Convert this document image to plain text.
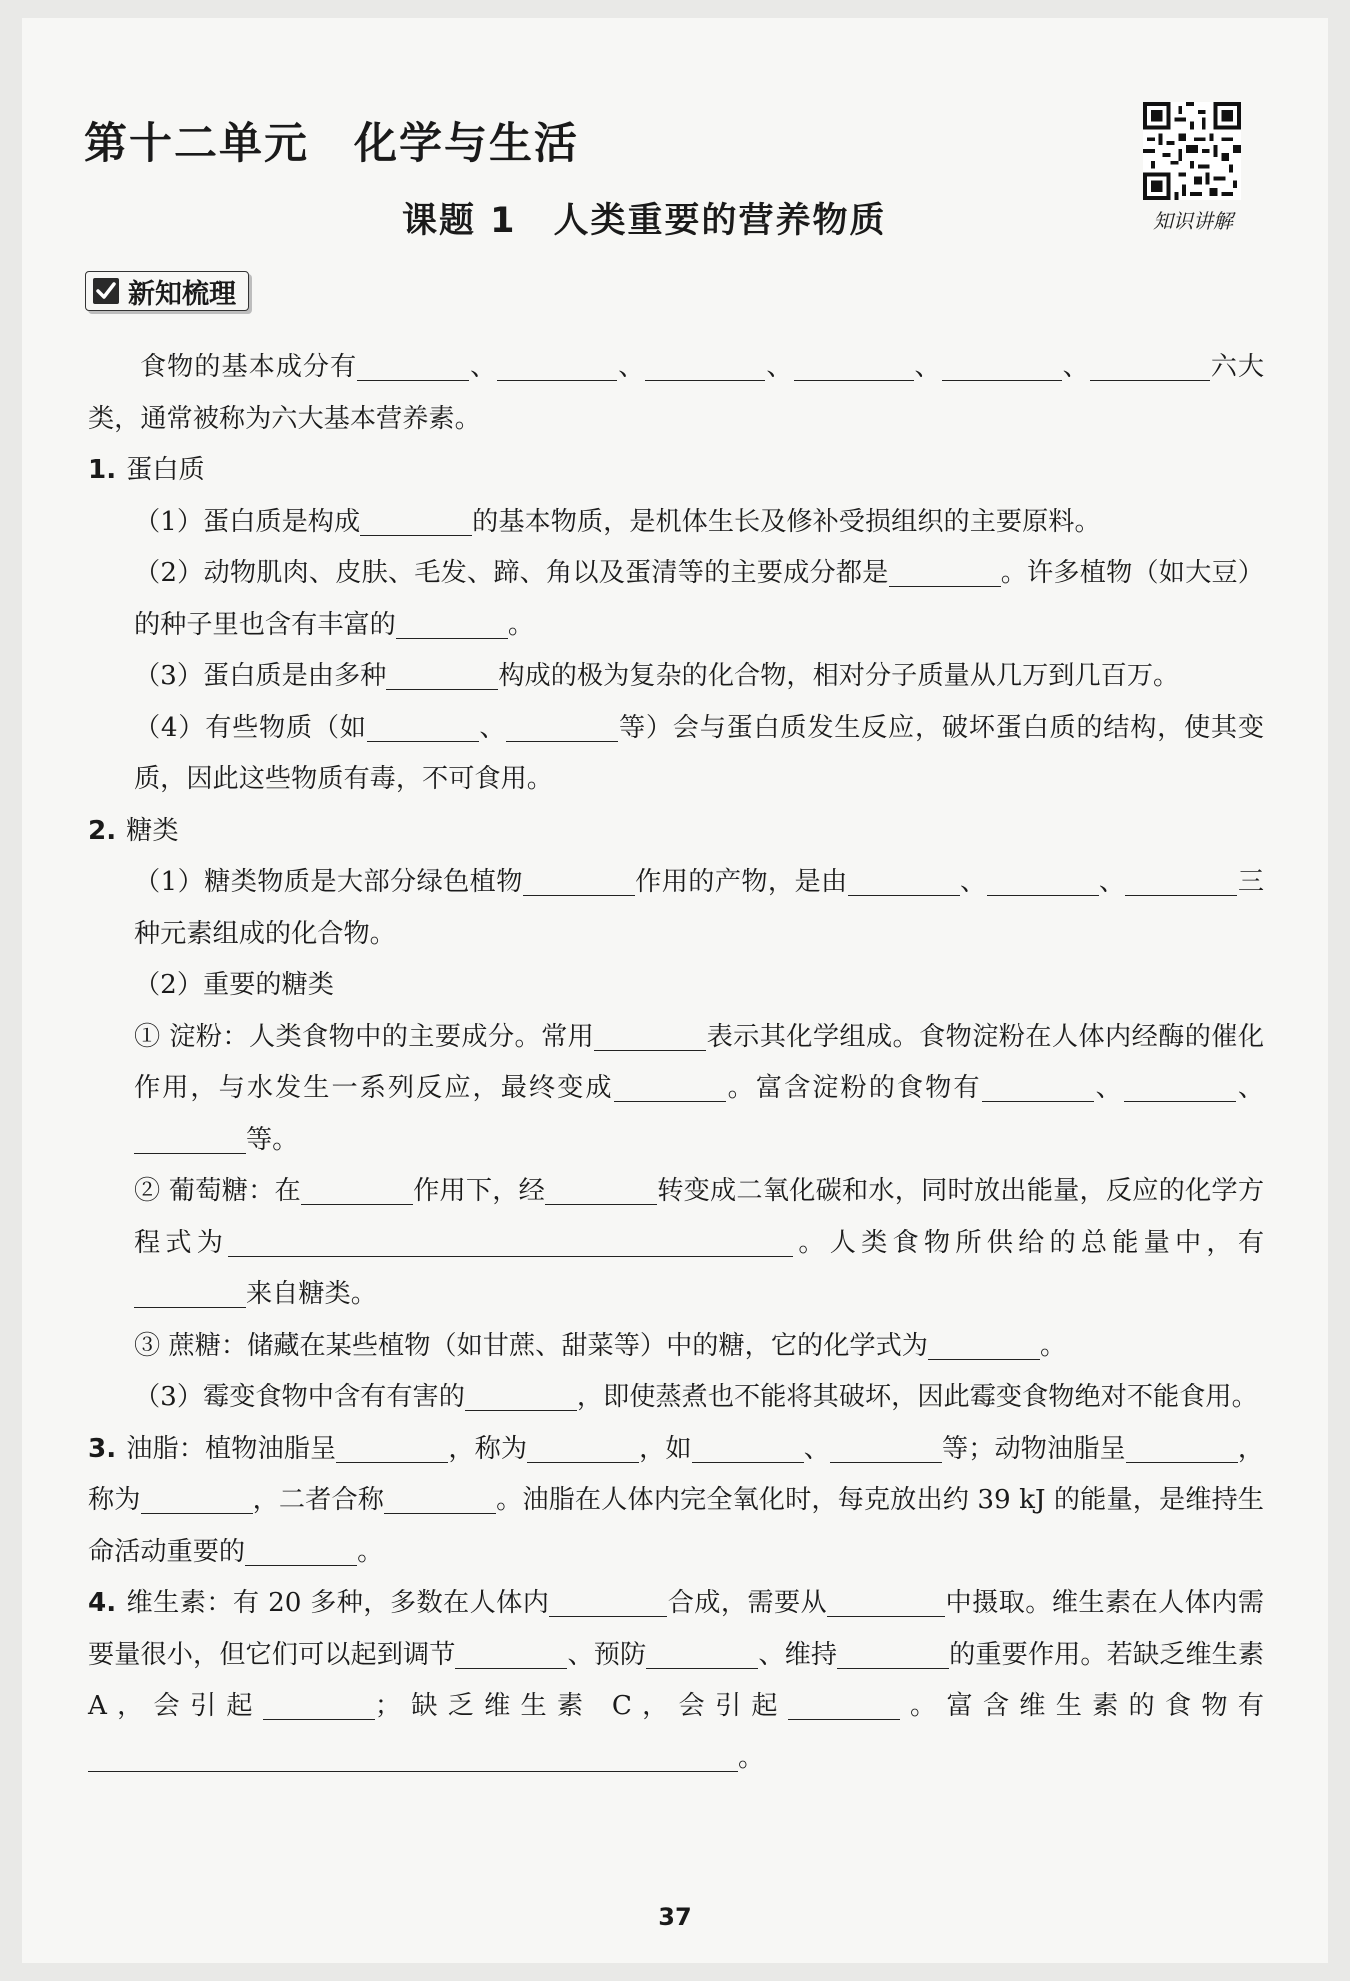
第十二单元　化学与生活
课题 1　人类重要的营养物质	知识讲解
新知梳理

食物的基本成分有	、	、	、	、	、	六大类，通常被称为六大基本营养素。

1. 蛋白质

（1）蛋白质是构成	的基本物质，是机体生长及修补受损组织的主要原料。

（2）动物肌肉、皮肤、毛发、蹄、角以及蛋清等的主要成分都是	。许多植物（如大豆）的种子里也含有丰富的	。

（3）蛋白质是由多种	构成的极为复杂的化合物，相对分子质量从几万到几百万。

（4）有些物质（如	、	等）会与蛋白质发生反应，破坏蛋白质的结构，使其变质，因此这些物质有毒，不可食用。

2. 糖类

（1）糖类物质是大部分绿色植物	作用的产物，是由	、	、	三种元素组成的化合物。

（2）重要的糖类

① 淀粉：人类食物中的主要成分。常用	表示其化学组成。食物淀粉在人体内经酶的催化作用，与水发生一系列反应，最终变成	。富含淀粉的食物有	、	、等。

② 葡萄糖：在	作用下，经	转变成二氧化碳和水，同时放出能量，反应的化学方程式为	。人类食物所供给的总能量中，有来自糖类。

③ 蔗糖：储藏在某些植物（如甘蔗、甜菜等）中的糖，它的化学式为	。

（3）霉变食物中含有有害的	，即使蒸煮也不能将其破坏，因此霉变食物绝对不能食用。

3. 油脂：植物油脂呈	，称为	，如	、	等；动物油脂呈	，称为	，二者合称	。油脂在人体内完全氧化时，每克放出约 39 kJ 的能量，是维持生命活动重要的	。

4. 维生素：有 20 多种，多数在人体内	合成，需要从	中摄取。维生素在人体内需要量很小，但它们可以起到调节	、预防	、维持	的重要作用。若缺乏维生素 A，会引起	；缺乏维生素 C，会引起	。富含维生素的食物有。

37
